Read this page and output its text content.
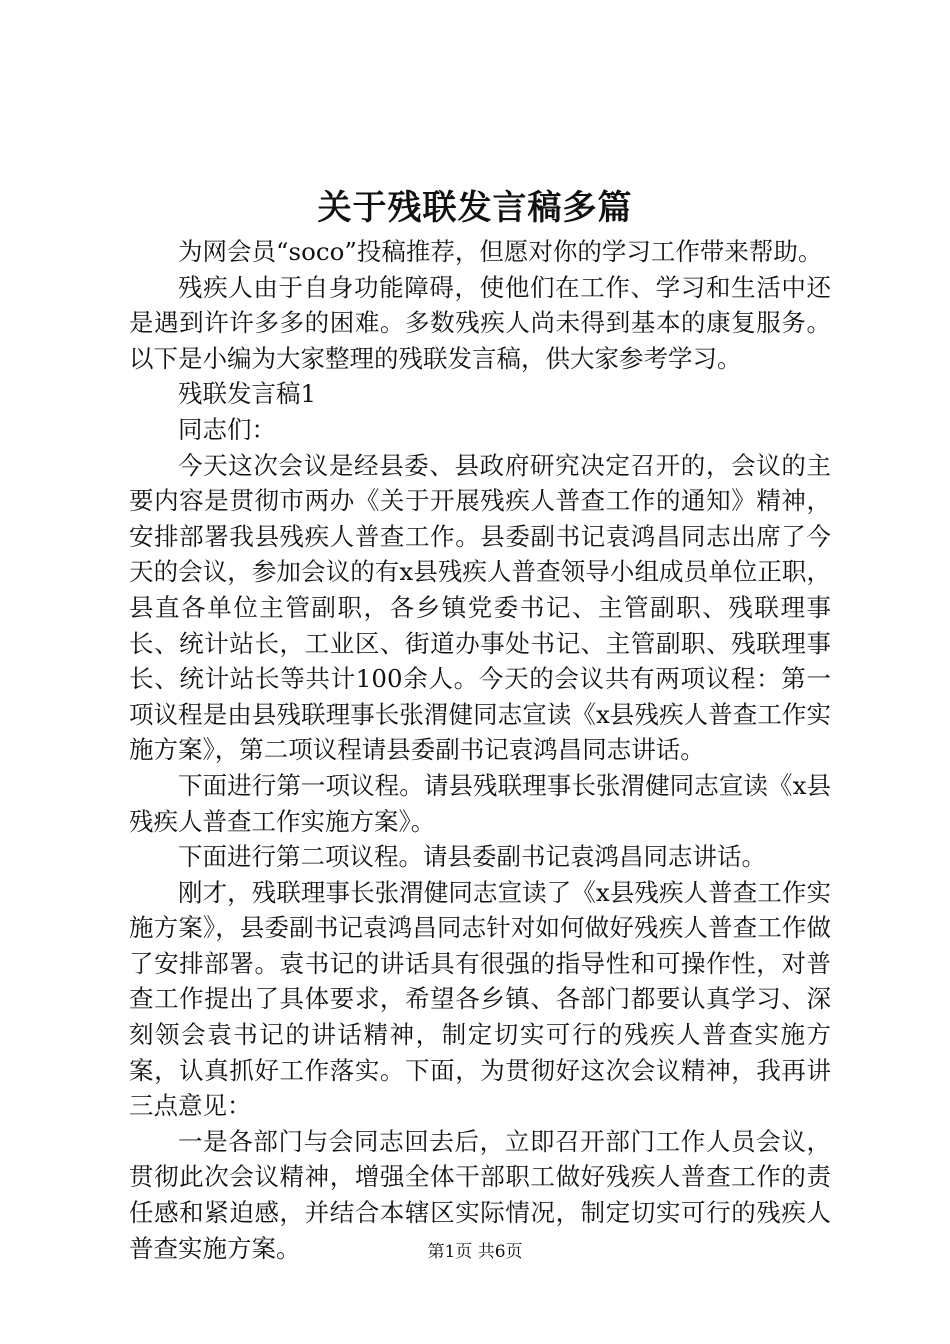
关于残联发言稿多篇

为网会员“soco”投稿推荐，但愿对你的学习工作带来帮助。

残疾人由于自身功能障碍，使他们在工作、学习和生活中还是遇到许许多多的困难。多数残疾人尚未得到基本的康复服务。以下是小编为大家整理的残联发言稿，供大家参考学习。

残联发言稿1

同志们：

今天这次会议是经县委、县政府研究决定召开的，会议的主要内容是贯彻市两办《关于开展残疾人普查工作的通知》精神，安排部署我县残疾人普查工作。县委副书记袁鸿昌同志出席了今天的会议，参加会议的有x县残疾人普查领导小组成员单位正职，县直各单位主管副职，各乡镇党委书记、主管副职、残联理事长、统计站长，工业区、街道办事处书记、主管副职、残联理事长、统计站长等共计100余人。今天的会议共有两项议程：第一项议程是由县残联理事长张渭健同志宣读《x县残疾人普查工作实施方案》，第二项议程请县委副书记袁鸿昌同志讲话。

下面进行第一项议程。请县残联理事长张渭健同志宣读《x县残疾人普查工作实施方案》。

下面进行第二项议程。请县委副书记袁鸿昌同志讲话。

刚才，残联理事长张渭健同志宣读了《x县残疾人普查工作实施方案》，县委副书记袁鸿昌同志针对如何做好残疾人普查工作做了安排部署。袁书记的讲话具有很强的指导性和可操作性，对普查工作提出了具体要求，希望各乡镇、各部门都要认真学习、深刻领会袁书记的讲话精神，制定切实可行的残疾人普查实施方案，认真抓好工作落实。下面，为贯彻好这次会议精神，我再讲三点意见：

一是各部门与会同志回去后，立即召开部门工作人员会议，贯彻此次会议精神，增强全体干部职工做好残疾人普查工作的责任感和紧迫感，并结合本辖区实际情况，制定切实可行的残疾人普查实施方案。	第1页 共6页
